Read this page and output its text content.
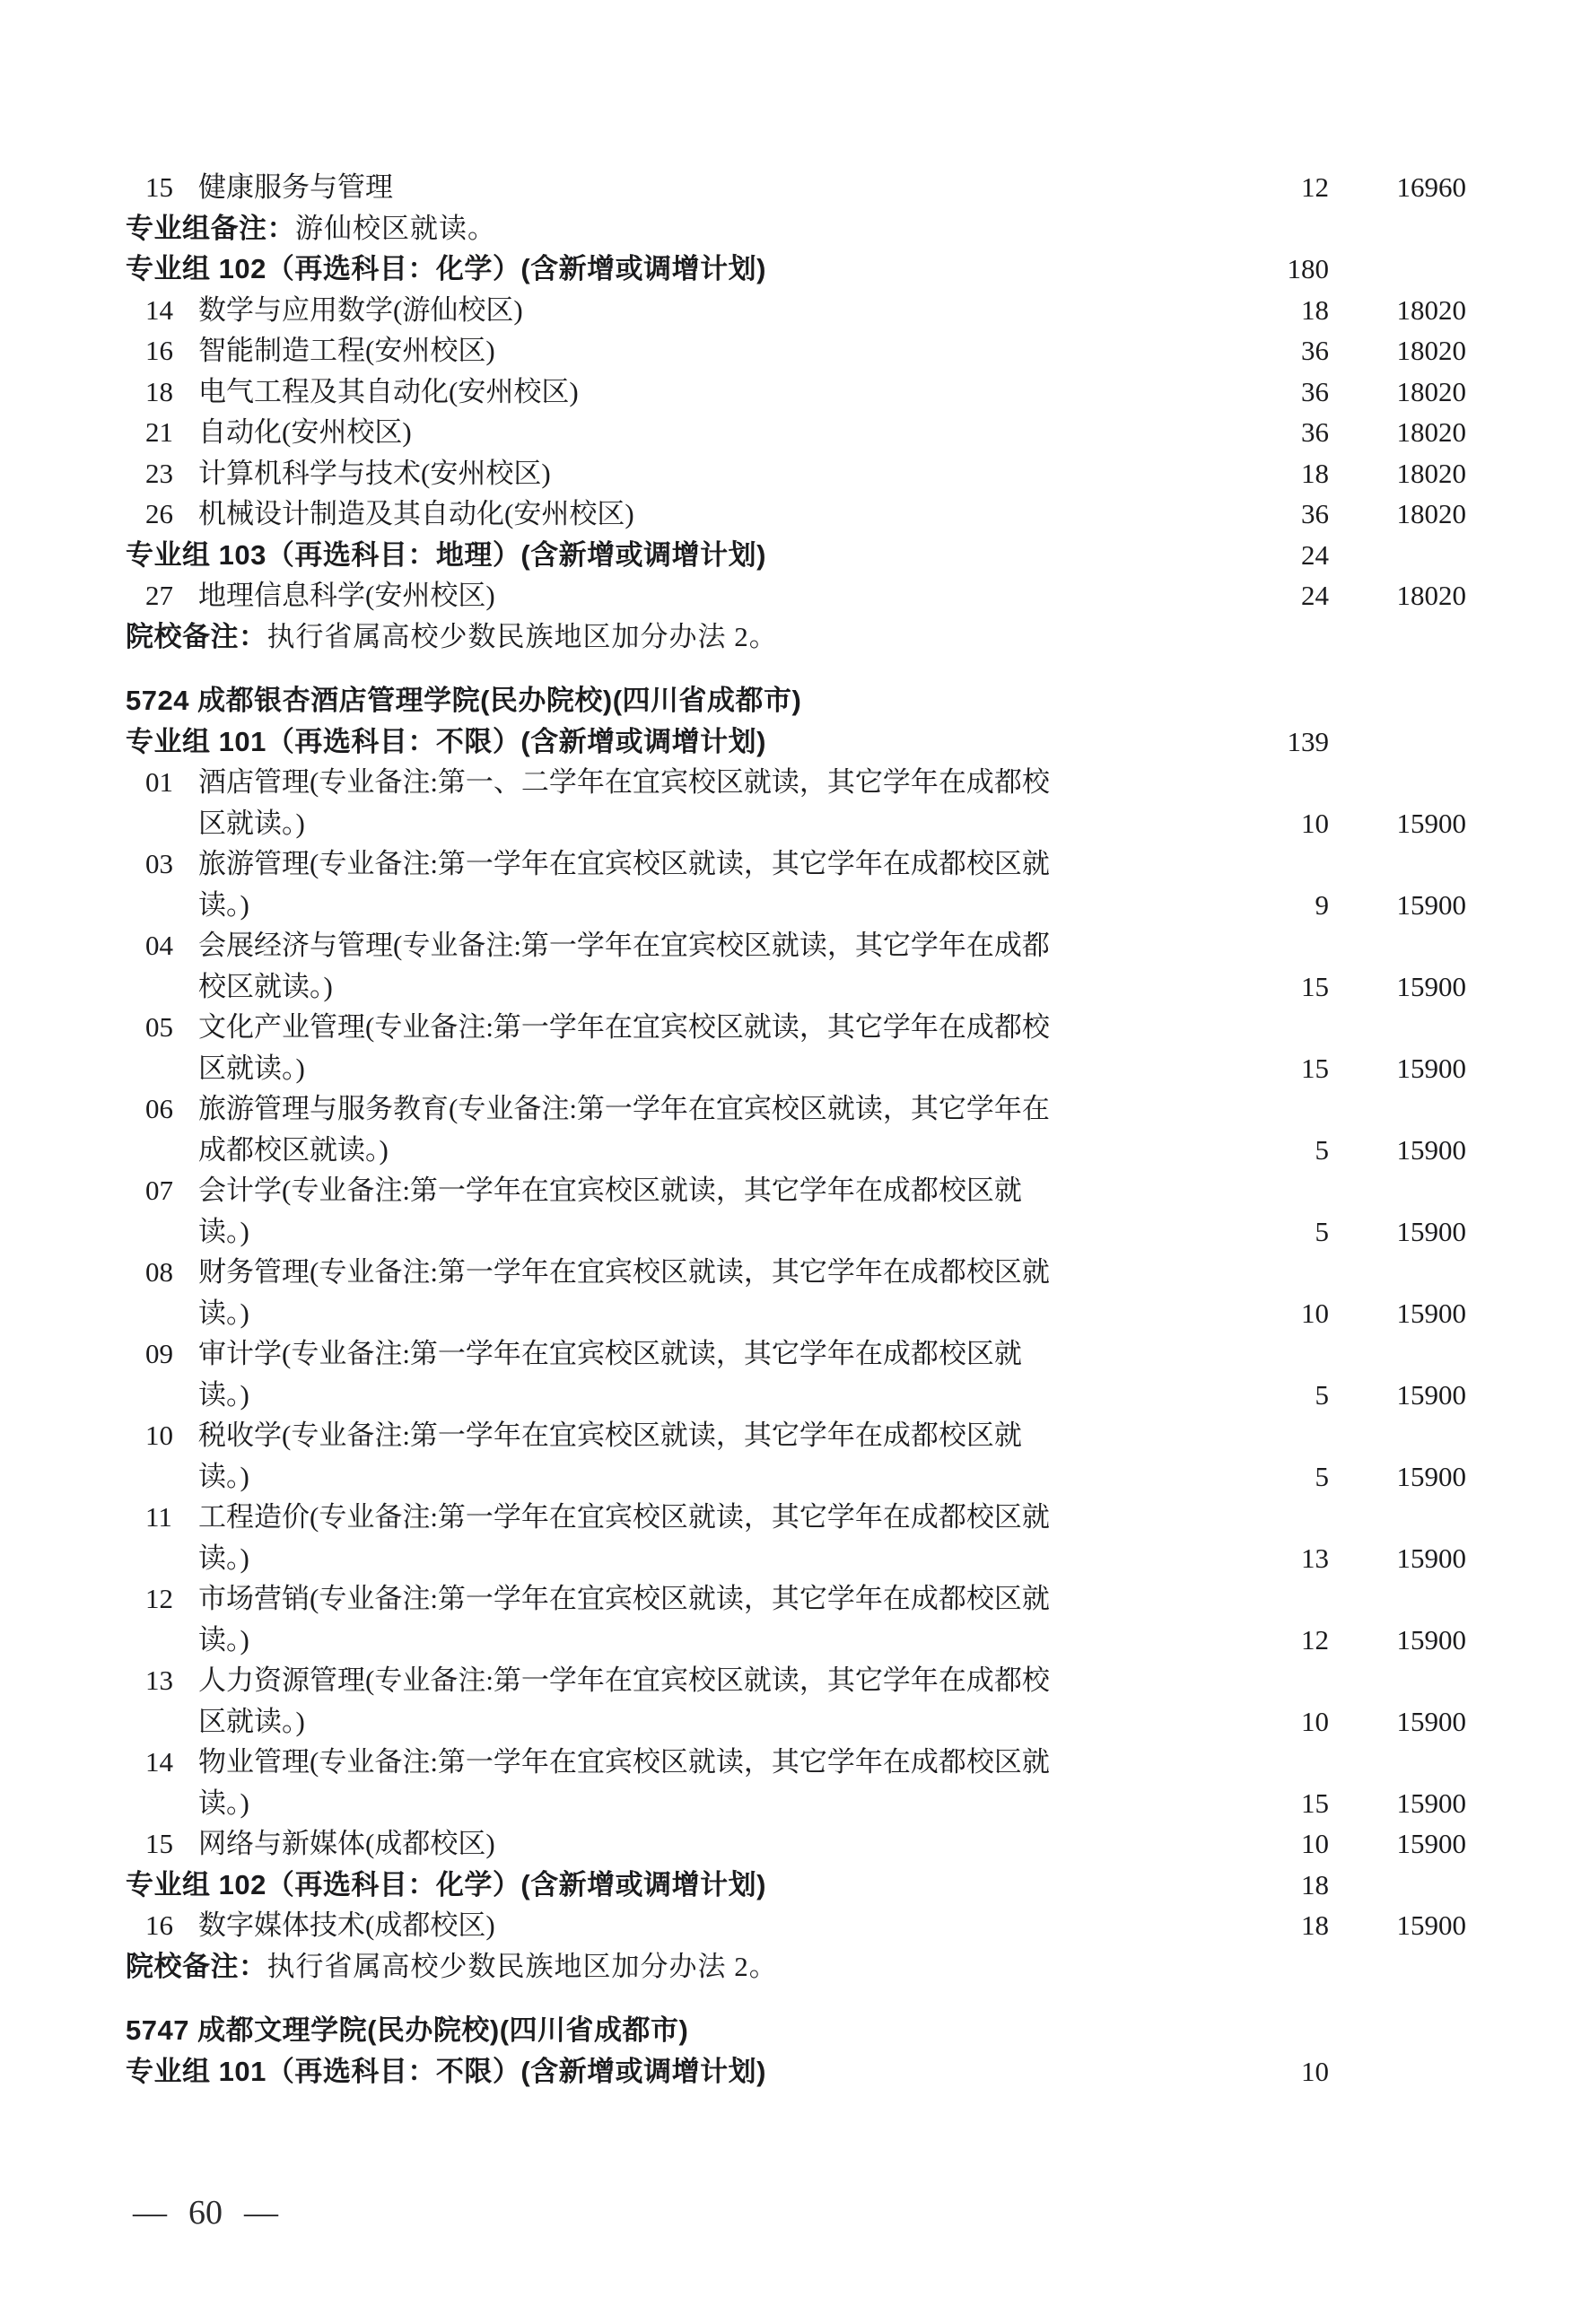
15 健康服务与管理	12	16960
专业组备注：游仙校区就读。
专业组 102（再选科目：化学）(含新增或调增计划)	180
14 数学与应用数学(游仙校区)	18	18020
16 智能制造工程(安州校区)	36	18020
18 电气工程及其自动化(安州校区)	36	18020
21 自动化(安州校区)	36	18020
23 计算机科学与技术(安州校区)	18	18020
26 机械设计制造及其自动化(安州校区)	36	18020
专业组 103（再选科目：地理）(含新增或调增计划)	24
27 地理信息科学(安州校区)	24	18020
院校备注：执行省属高校少数民族地区加分办法 2。
5724 成都银杏酒店管理学院(民办院校)(四川省成都市)
专业组 101（再选科目：不限）(含新增或调增计划)	139
01 酒店管理(专业备注:第一、二学年在宜宾校区就读，其它学年在成都校
区就读。)	10	15900
03 旅游管理(专业备注:第一学年在宜宾校区就读，其它学年在成都校区就
读。)	9	15900
04 会展经济与管理(专业备注:第一学年在宜宾校区就读，其它学年在成都
校区就读。)	15	15900
05 文化产业管理(专业备注:第一学年在宜宾校区就读，其它学年在成都校
区就读。)	15	15900
06 旅游管理与服务教育(专业备注:第一学年在宜宾校区就读，其它学年在
成都校区就读。)	5	15900
07 会计学(专业备注:第一学年在宜宾校区就读，其它学年在成都校区就
读。)	5	15900
08 财务管理(专业备注:第一学年在宜宾校区就读，其它学年在成都校区就
读。)	10	15900
09 审计学(专业备注:第一学年在宜宾校区就读，其它学年在成都校区就
读。)	5	15900
10 税收学(专业备注:第一学年在宜宾校区就读，其它学年在成都校区就
读。)	5	15900
11 工程造价(专业备注:第一学年在宜宾校区就读，其它学年在成都校区就
读。)	13	15900
12 市场营销(专业备注:第一学年在宜宾校区就读，其它学年在成都校区就
读。)	12	15900
13 人力资源管理(专业备注:第一学年在宜宾校区就读，其它学年在成都校
区就读。)	10	15900
14 物业管理(专业备注:第一学年在宜宾校区就读，其它学年在成都校区就
读。)	15	15900
15 网络与新媒体(成都校区)	10	15900
专业组 102（再选科目：化学）(含新增或调增计划)	18
16 数字媒体技术(成都校区)	18	15900
院校备注：执行省属高校少数民族地区加分办法 2。
5747 成都文理学院(民办院校)(四川省成都市)
专业组 101（再选科目：不限）(含新增或调增计划)	10
— 60 —
